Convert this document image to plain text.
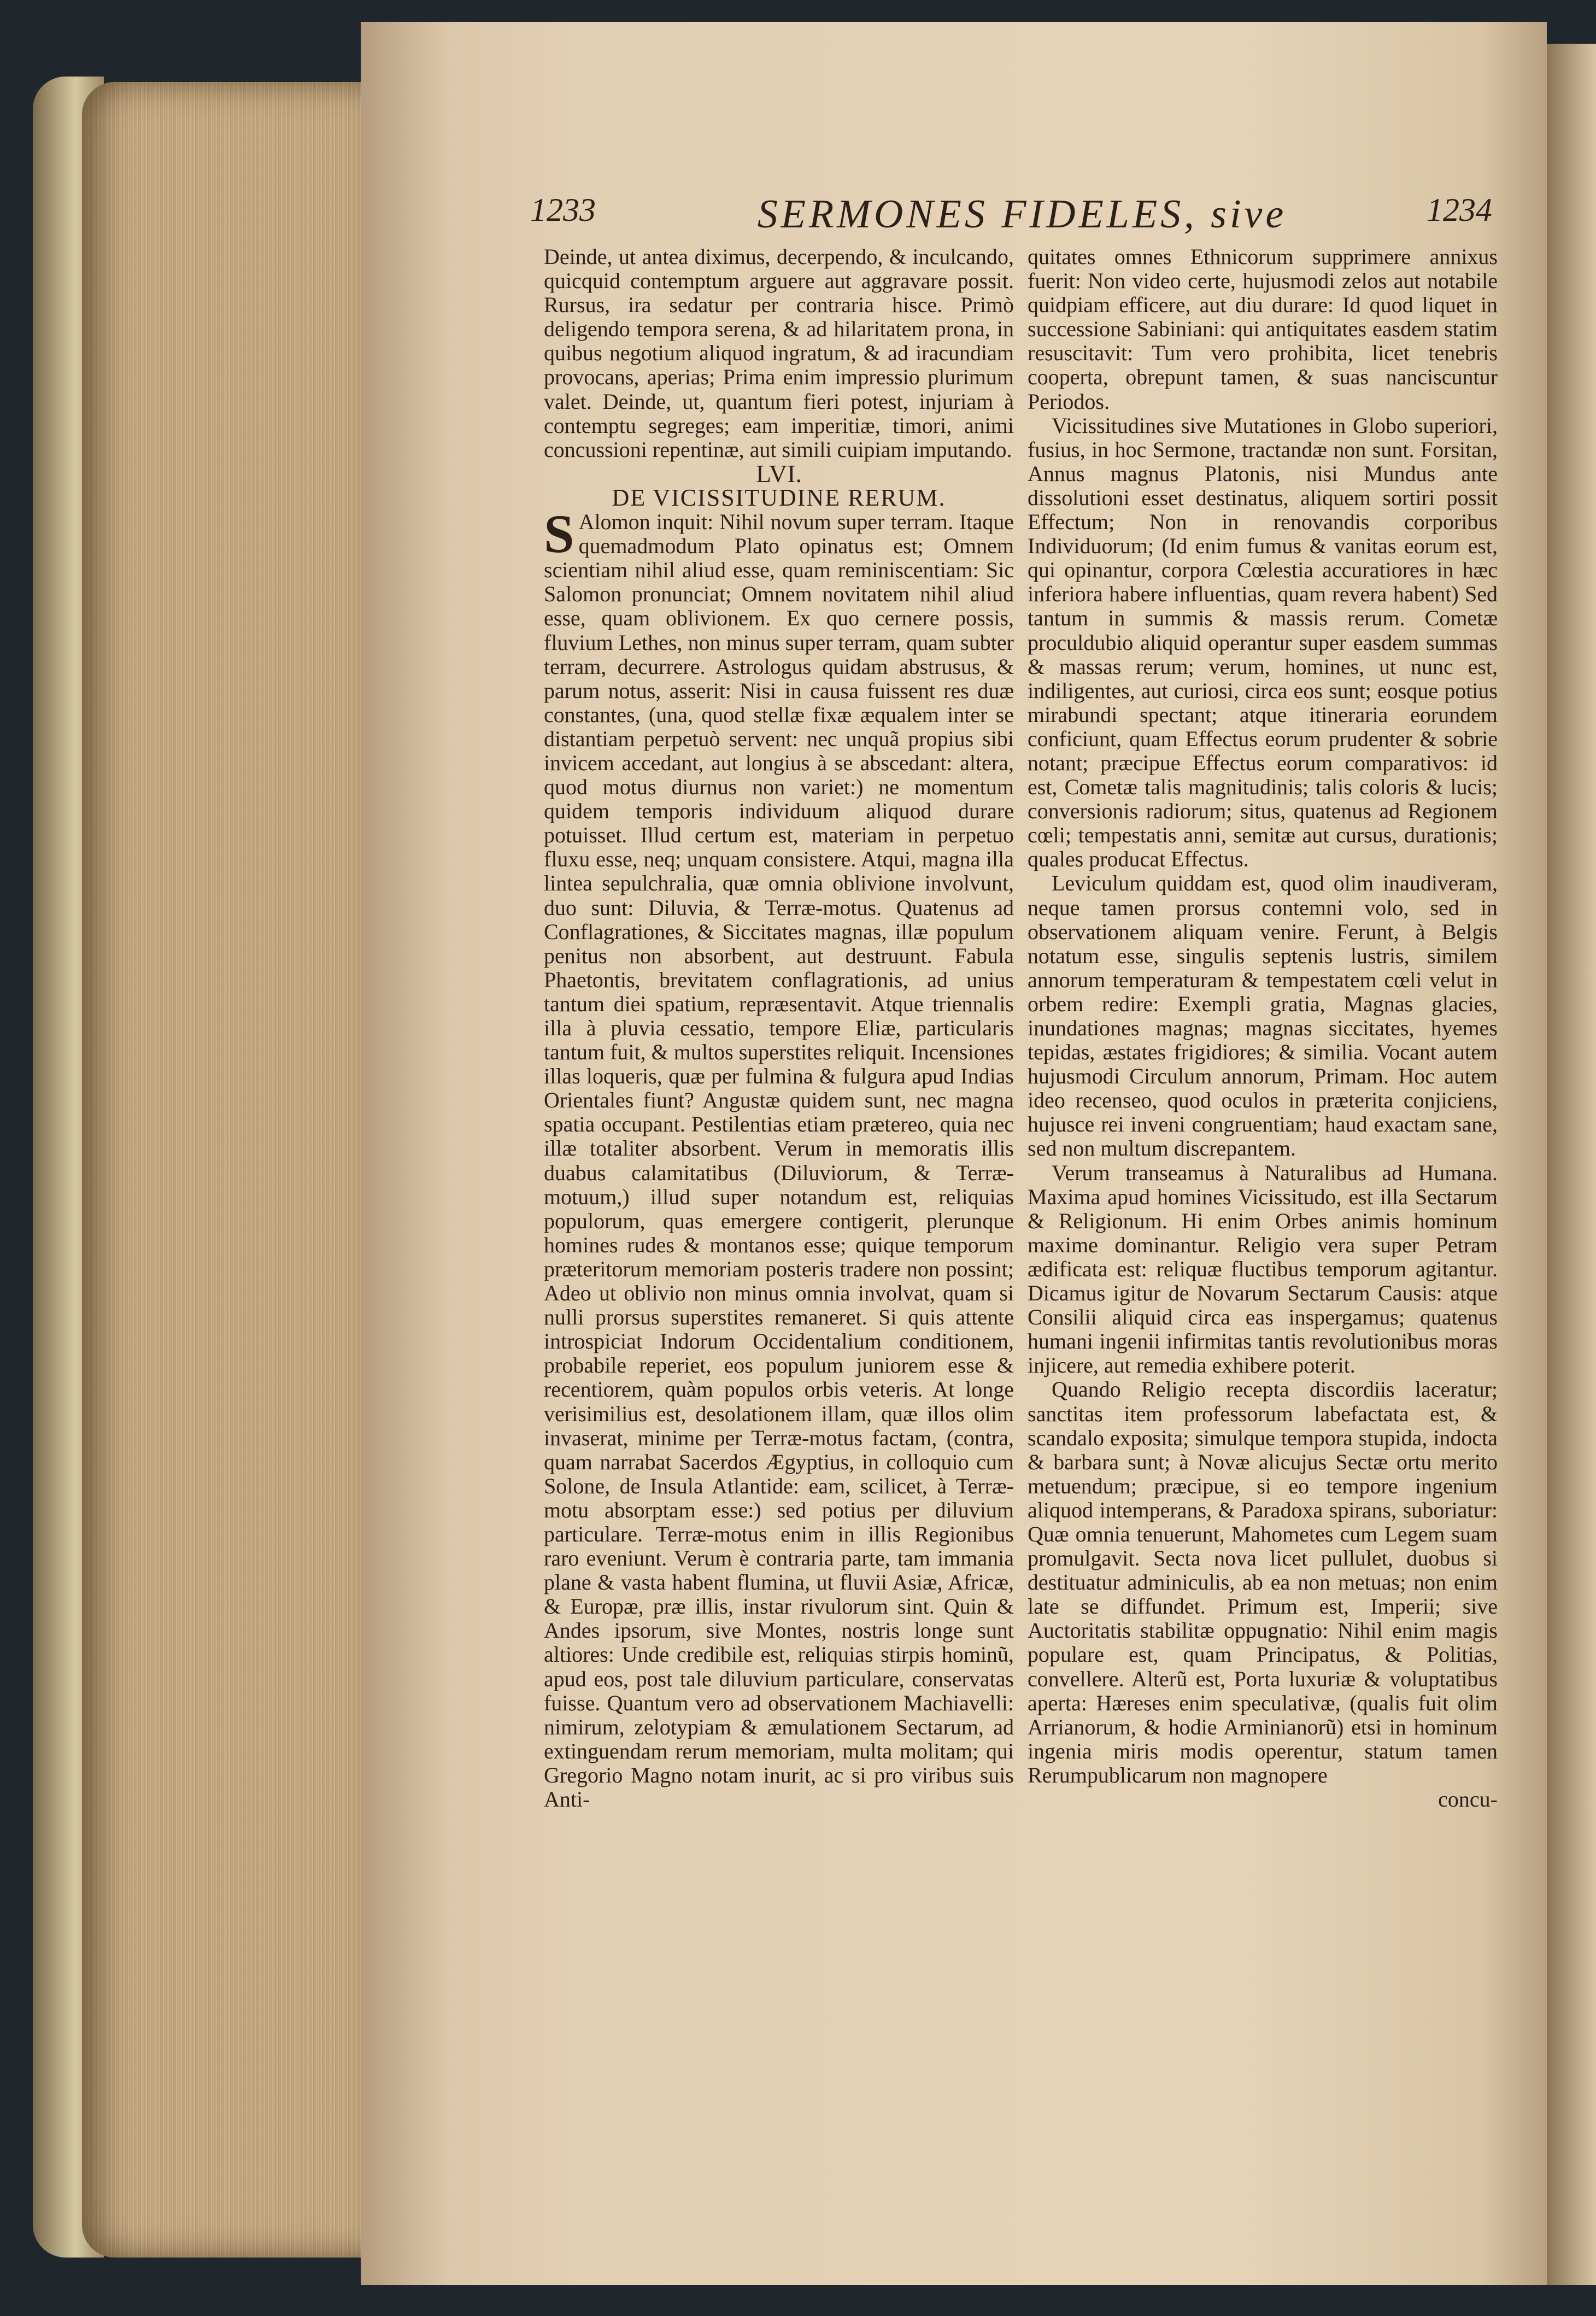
1233	SERMONES FIDELES, sive	1234

Deinde, ut antea diximus, decerpendo, & inculcando, quicquid contemptum arguere aut aggravare possit. Rursus, ira sedatur per contraria hisce. Primò deligendo tempora serena, & ad hilaritatem prona, in quibus negotium aliquod ingratum, & ad iracundiam provocans, aperias; Prima enim impressio plurimum valet. Deinde, ut, quantum fieri potest, injuriam à contemptu segreges; eam imperitiæ, timori, animi concussioni repentinæ, aut simili cuipiam imputando.

LVI.

DE VICISSITUDINE RERUM.

S Alomon inquit: Nihil novum super terram. Itaque quemadmodum Plato opinatus est; Omnem scientiam nihil aliud esse, quam reminiscentiam: Sic Salomon pronunciat; Omnem novitatem nihil aliud esse, quam oblivionem. Ex quo cernere possis, fluvium Lethes, non minus super terram, quam subter terram, decurrere. Astrologus quidam abstrusus, & parum notus, asserit: Nisi in causa fuissent res duæ constantes, (una, quod stellæ fixæ æqualem inter se distantiam perpetuò servent: nec unquã propius sibi invicem accedant, aut longius à se abscedant: altera, quod motus diurnus non variet:) ne momentum quidem temporis individuum aliquod durare potuisset. Illud certum est, materiam in perpetuo fluxu esse, neq; unquam consistere. Atqui, magna illa lintea sepulchralia, quæ omnia oblivione involvunt, duo sunt: Diluvia, & Terræ-motus. Quatenus ad Conflagrationes, & Siccitates magnas, illæ populum penitus non absorbent, aut destruunt. Fabula Phaetontis, brevitatem conflagrationis, ad unius tantum diei spatium, repræsentavit. Atque triennalis illa à pluvia cessatio, tempore Eliæ, particularis tantum fuit, & multos superstites reliquit. Incensiones illas loqueris, quæ per fulmina & fulgura apud Indias Orientales fiunt? Angustæ quidem sunt, nec magna spatia occupant. Pestilentias etiam prætereo, quia nec illæ totaliter absorbent. Verum in memoratis illis duabus calamitatibus (Diluviorum, & Terræ-motuum,) illud super notandum est, reliquias populorum, quas emergere contigerit, plerunque homines rudes & montanos esse; quique temporum præteritorum memoriam posteris tradere non possint; Adeo ut oblivio non minus omnia involvat, quam si nulli prorsus superstites remaneret. Si quis attente introspiciat Indorum Occidentalium conditionem, probabile reperiet, eos populum juniorem esse & recentiorem, quàm populos orbis veteris. At longe verisimilius est, desolationem illam, quæ illos olim invaserat, minime per Terræ-motus factam, (contra, quam narrabat Sacerdos Ægyptius, in colloquio cum Solone, de Insula Atlantide: eam, scilicet, à Terræ-motu absorptam esse:) sed potius per diluvium particulare. Terræ-motus enim in illis Regionibus raro eveniunt. Verum è contraria parte, tam immania plane & vasta habent flumina, ut fluvii Asiæ, Africæ, & Europæ, præ illis, instar rivulorum sint. Quin & Andes ipsorum, sive Montes, nostris longe sunt altiores: Unde credibile est, reliquias stirpis hominũ, apud eos, post tale diluvium particulare, conservatas fuisse. Quantum vero ad observationem Machiavelli: nimirum, zelotypiam & æmulationem Sectarum, ad extinguendam rerum memoriam, multa molitam; qui Gregorio Magno notam inurit, ac si pro viribus suis Anti-

quitates omnes Ethnicorum supprimere annixus fuerit: Non video certe, hujusmodi zelos aut notabile quidpiam efficere, aut diu durare: Id quod liquet in successione Sabiniani: qui antiquitates easdem statim resuscitavit: Tum vero prohibita, licet tenebris cooperta, obrepunt tamen, & suas nanciscuntur Periodos.

Vicissitudines sive Mutationes in Globo superiori, fusius, in hoc Sermone, tractandæ non sunt. Forsitan, Annus magnus Platonis, nisi Mundus ante dissolutioni esset destinatus, aliquem sortiri possit Effectum; Non in renovandis corporibus Individuorum; (Id enim fumus & vanitas eorum est, qui opinantur, corpora Cœlestia accuratiores in hæc inferiora habere influentias, quam revera habent) Sed tantum in summis & massis rerum. Cometæ proculdubio aliquid operantur super easdem summas & massas rerum; verum, homines, ut nunc est, indiligentes, aut curiosi, circa eos sunt; eosque potius mirabundi spectant; atque itineraria eorundem conficiunt, quam Effectus eorum prudenter & sobrie notant; præcipue Effectus eorum comparativos: id est, Cometæ talis magnitudinis; talis coloris & lucis; conversionis radiorum; situs, quatenus ad Regionem cœli; tempestatis anni, semitæ aut cursus, durationis; quales producat Effectus.

Leviculum quiddam est, quod olim inaudiveram, neque tamen prorsus contemni volo, sed in observationem aliquam venire. Ferunt, à Belgis notatum esse, singulis septenis lustris, similem annorum temperaturam & tempestatem cœli velut in orbem redire: Exempli gratia, Magnas glacies, inundationes magnas; magnas siccitates, hyemes tepidas, æstates frigidiores; & similia. Vocant autem hujusmodi Circulum annorum, Primam. Hoc autem ideo recenseo, quod oculos in præterita conjiciens, hujusce rei inveni congruentiam; haud exactam sane, sed non multum discrepantem.

Verum transeamus à Naturalibus ad Humana. Maxima apud homines Vicissitudo, est illa Sectarum & Religionum. Hi enim Orbes animis hominum maxime dominantur. Religio vera super Petram ædificata est: reliquæ fluctibus temporum agitantur. Dicamus igitur de Novarum Sectarum Causis: atque Consilii aliquid circa eas inspergamus; quatenus humani ingenii infirmitas tantis revolutionibus moras injicere, aut remedia exhibere poterit.

Quando Religio recepta discordiis laceratur; sanctitas item professorum labefactata est, & scandalo exposita; simulque tempora stupida, indocta & barbara sunt; à Novæ alicujus Sectæ ortu merito metuendum; præcipue, si eo tempore ingenium aliquod intemperans, & Paradoxa spirans, suboriatur: Quæ omnia tenuerunt, Mahometes cum Legem suam promulgavit. Secta nova licet pullulet, duobus si destituatur adminiculis, ab ea non metuas; non enim late se diffundet. Primum est, Imperii; sive Auctoritatis stabilitæ oppugnatio: Nihil enim magis populare est, quam Principatus, & Politias, convellere. Alterũ est, Porta luxuriæ & voluptatibus aperta: Hæreses enim speculativæ, (qualis fuit olim Arrianorum, & hodie Arminianorũ) etsi in hominum ingenia miris modis operentur, statum tamen Rerumpublicarum non magnopere

concu-
